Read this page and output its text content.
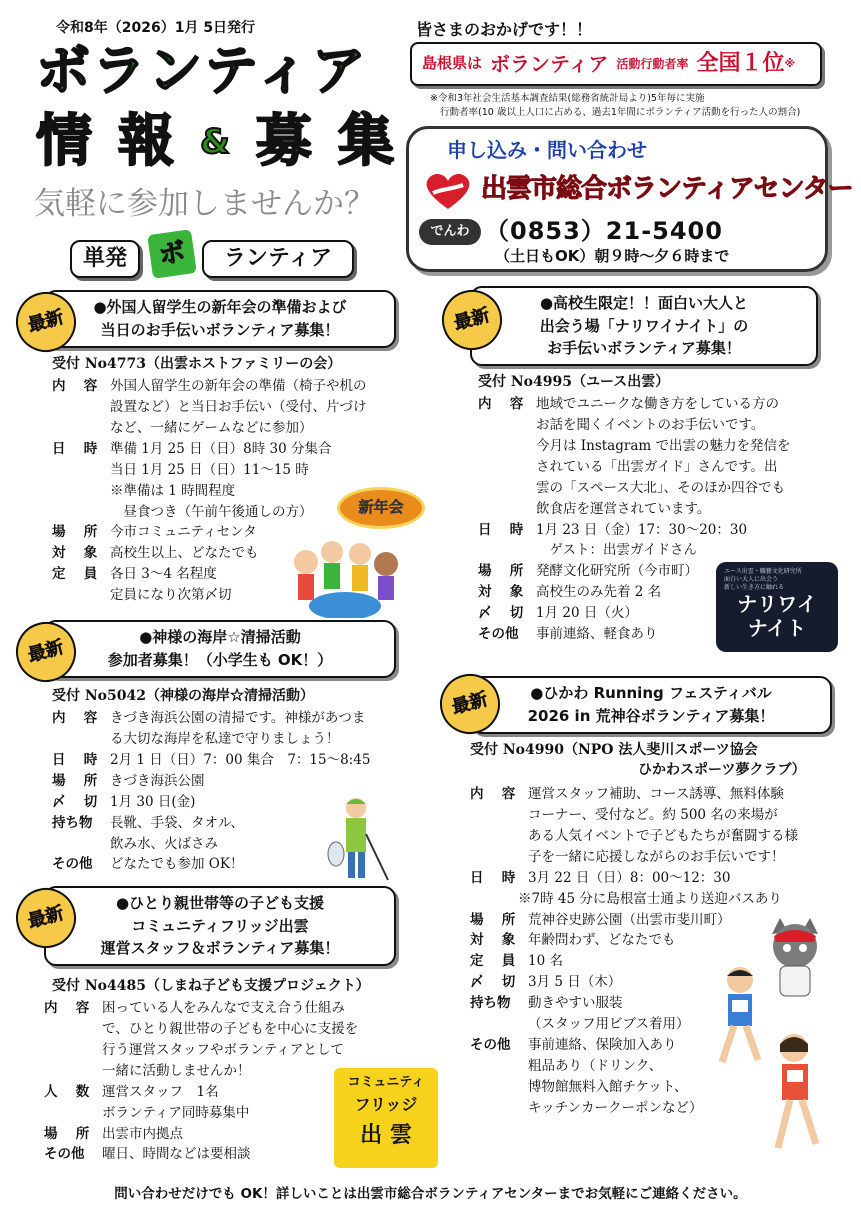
令和8年（2026）1月 5日発行
ボランティア
情 報 & 募 集
気軽に参加しませんか？
単発	ボ	ランティア
皆さまのおかげです！！
島根県は ボランティア 活動行動者率 全国１位 ※
※令和3年社会生活基本調査結果(総務省統計局より)5年毎に実施
行動者率(10 歳以上人口に占める、過去1年間にボランティア活動を行った人の割合)
申し込み・問い合わせ
出雲市総合ボランティアセンター
でんわ （0853）21-5400
（土日もOK）朝９時～夕６時まで
●外国人留学生の新年会の準備および
当日のお手伝いボランティア募集！
最新
受付 No4773（出雲ホストファミリーの会）
内 容 外国人留学生の新年会の準備（椅子や机の
設置など）と当日お手伝い（受付、片づけ
など、一緒にゲームなどに参加）
日 時 準備 1月 25 日（日）8時 30 分集合
当日 1月 25 日（日）11～15 時
※準備は 1 時間程度
　昼食つき（午前午後通しの方）
場 所 今市コミュニティセンタ
対 象 高校生以上、どなたでも
定 員 各日 3～4 名程度
定員になり次第〆切
新年会
●神様の海岸☆清掃活動
参加者募集！（小学生も OK！）
最新
受付 No5042（神様の海岸☆清掃活動）
内 容 きづき海浜公園の清掃です。神様があつま
る大切な海岸を私達で守りましょう！
日 時 2月 1 日（日）7：00 集合　7：15～8:45
場 所 きづき海浜公園
〆 切 1月 30 日(金)
持ち物	長靴、手袋、タオル、
飲み水、火ばさみ
その他	どなたでも参加 OK！
●ひとり親世帯等の子ども支援
コミュニティフリッジ出雲
運営スタッフ＆ボランティア募集！
最新
受付 No4485（しまね子ども支援プロジェクト）
内 容 困っている人をみんなで支え合う仕組み
で、ひとり親世帯の子どもを中心に支援を
行う運営スタッフやボランティアとして
一緒に活動しませんか！
人 数 運営スタッフ　1名
ボランティア同時募集中
場 所 出雲市内拠点
その他	曜日、時間などは要相談
コミュニティ
フリッジ
出 雲
●高校生限定！！面白い大人と
出会う場「ナリワイナイト」の
お手伝いボランティア募集！
最新
受付 No4995（ユース出雲）
内 容 地域でユニークな働き方をしている方の
お話を聞くイベントのお手伝いです。
今月は Instagram で出雲の魅力を発信を
されている「出雲ガイド」さんです。出
雲の「スペース大北」、そのほか四谷でも
飲食店を運営されています。
日 時 1月 23 日（金）17：30～20：30
　ゲスト：出雲ガイドさん
場 所 発酵文化研究所（今市町）
対 象 高校生のみ先着 2 名
〆 切 1月 20 日（火）
その他	事前連絡、軽食あり
ユース出雲・職藝文化研究所
面白い大人に出会う
新しい生き方に触れる
ナリワイ
ナイト
●ひかわ Running フェスティバル
2026 in 荒神谷ボランティア募集！
最新
受付 No4990（NPO 法人斐川スポーツ協会
　　　　　　　　　　　　ひかわスポーツ夢クラブ）
内 容 運営スタッフ補助、コース誘導、無料体験
コーナー、受付など。約 500 名の来場が
ある人気イベントで子どもたちが奮闘する様
子を一緒に応援しながらのお手伝いです！
日 時 3月 22 日（日）8：00～12：30
※7時 45 分に島根富士通より送迎バスあり
場 所 荒神谷史跡公園（出雲市斐川町）
対 象 年齢問わず、どなたでも
定 員 10 名
〆 切 3月 5 日（木）
持ち物	動きやすい服装
（スタッフ用ビブス着用）
その他	事前連絡、保険加入あり
粗品あり（ドリンク、
博物館無料入館チケット、
キッチンカークーポンなど）
問い合わせだけでも OK！詳しいことは出雲市総合ボランティアセンターまでお気軽にご連絡ください。
